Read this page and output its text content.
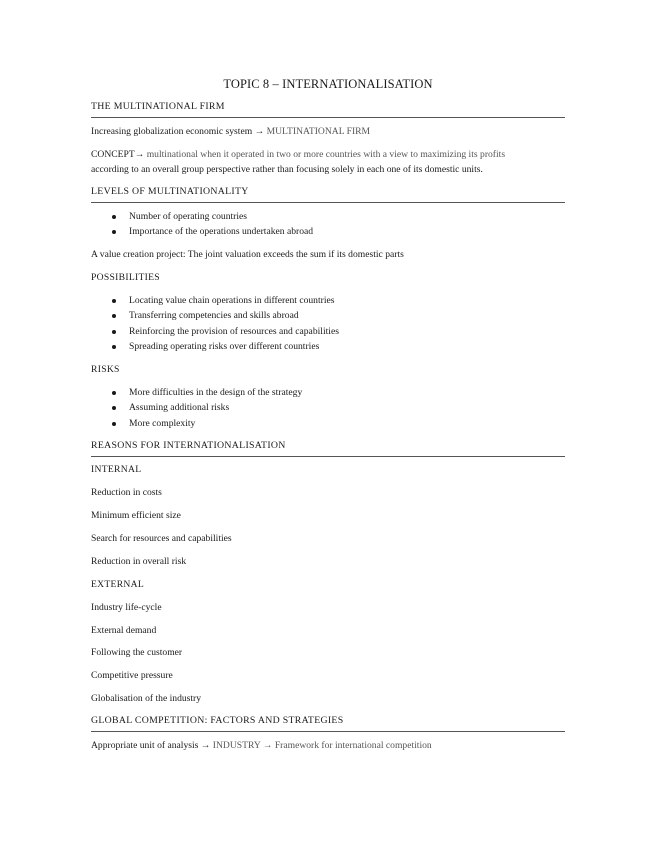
TOPIC 8 – INTERNATIONALISATION
THE MULTINATIONAL FIRM
Increasing globalization economic system → MULTINATIONAL FIRM
CONCEPT→ multinational when it operated in two or more countries with a view to maximizing its profits
according to an overall group perspective rather than focusing solely in each one of its domestic units.
LEVELS OF MULTINATIONALITY
Number of operating countries
Importance of the operations undertaken abroad
A value creation project: The joint valuation exceeds the sum if its domestic parts
POSSIBILITIES
Locating value chain operations in different countries
Transferring competencies and skills abroad
Reinforcing the provision of resources and capabilities
Spreading operating risks over different countries
RISKS
More difficulties in the design of the strategy
Assuming additional risks
More complexity
REASONS FOR INTERNATIONALISATION
INTERNAL
Reduction in costs
Minimum efficient size
Search for resources and capabilities
Reduction in overall risk
EXTERNAL
Industry life-cycle
External demand
Following the customer
Competitive pressure
Globalisation of the industry
GLOBAL COMPETITION: FACTORS AND STRATEGIES
Appropriate unit of analysis → INDUSTRY → Framework for international competition
